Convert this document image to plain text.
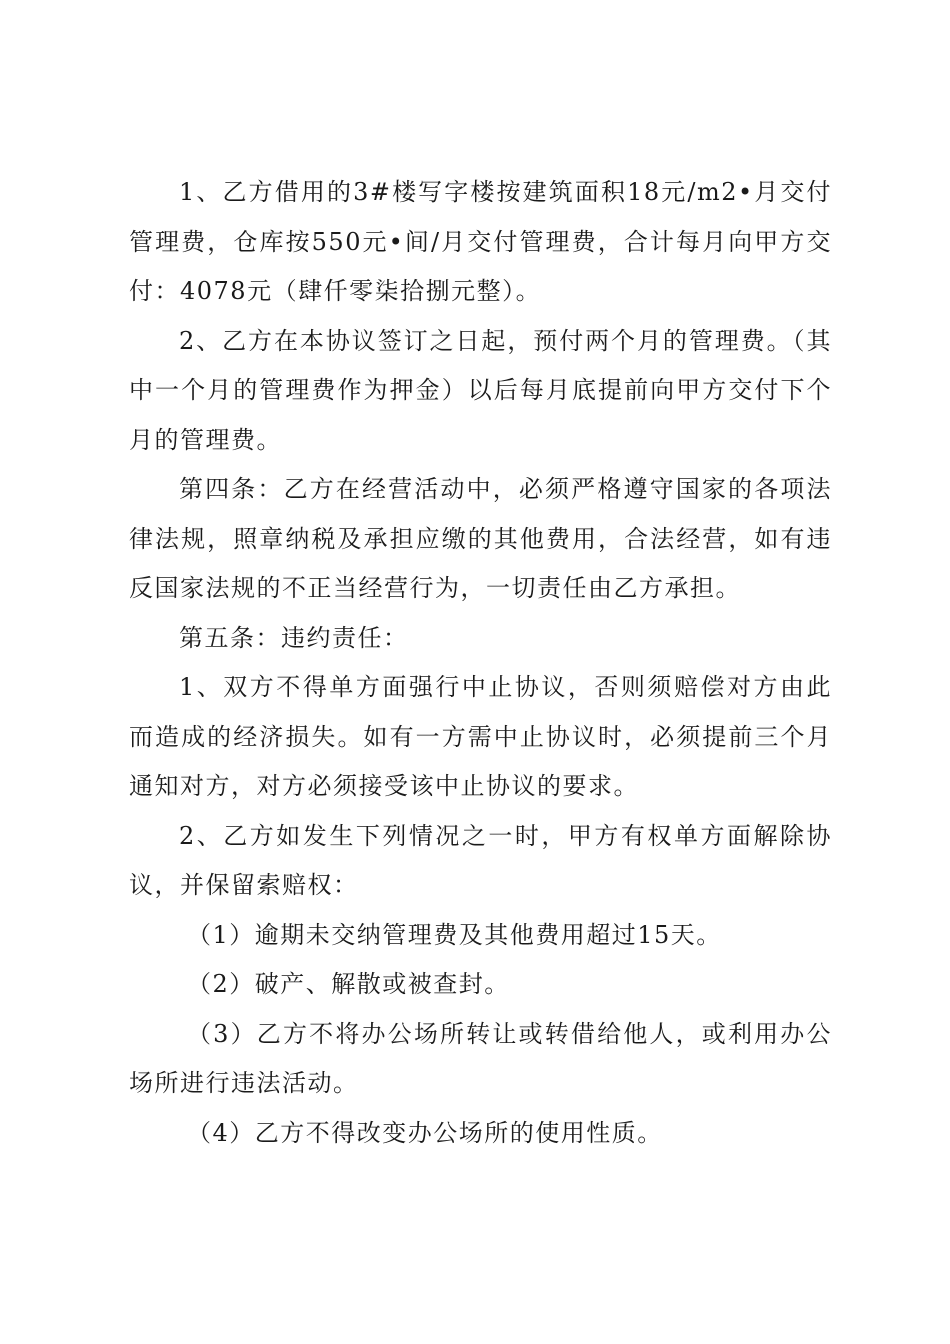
1、乙方借用的3#楼写字楼按建筑面积18元/m2•月交付管理费，仓库按550元•间/月交付管理费，合计每月向甲方交付：4078元（肆仟零柒拾捌元整）。

2、乙方在本协议签订之日起，预付两个月的管理费。（其中一个月的管理费作为押金）以后每月底提前向甲方交付下个月的管理费。

第四条：乙方在经营活动中，必须严格遵守国家的各项法律法规，照章纳税及承担应缴的其他费用，合法经营，如有违反国家法规的不正当经营行为，一切责任由乙方承担。

第五条：违约责任：

1、双方不得单方面强行中止协议，否则须赔偿对方由此而造成的经济损失。如有一方需中止协议时，必须提前三个月通知对方，对方必须接受该中止协议的要求。

2、乙方如发生下列情况之一时，甲方有权单方面解除协议，并保留索赔权：

（1）逾期未交纳管理费及其他费用超过15天。

（2）破产、解散或被查封。

（3）乙方不将办公场所转让或转借给他人，或利用办公场所进行违法活动。

（4）乙方不得改变办公场所的使用性质。
